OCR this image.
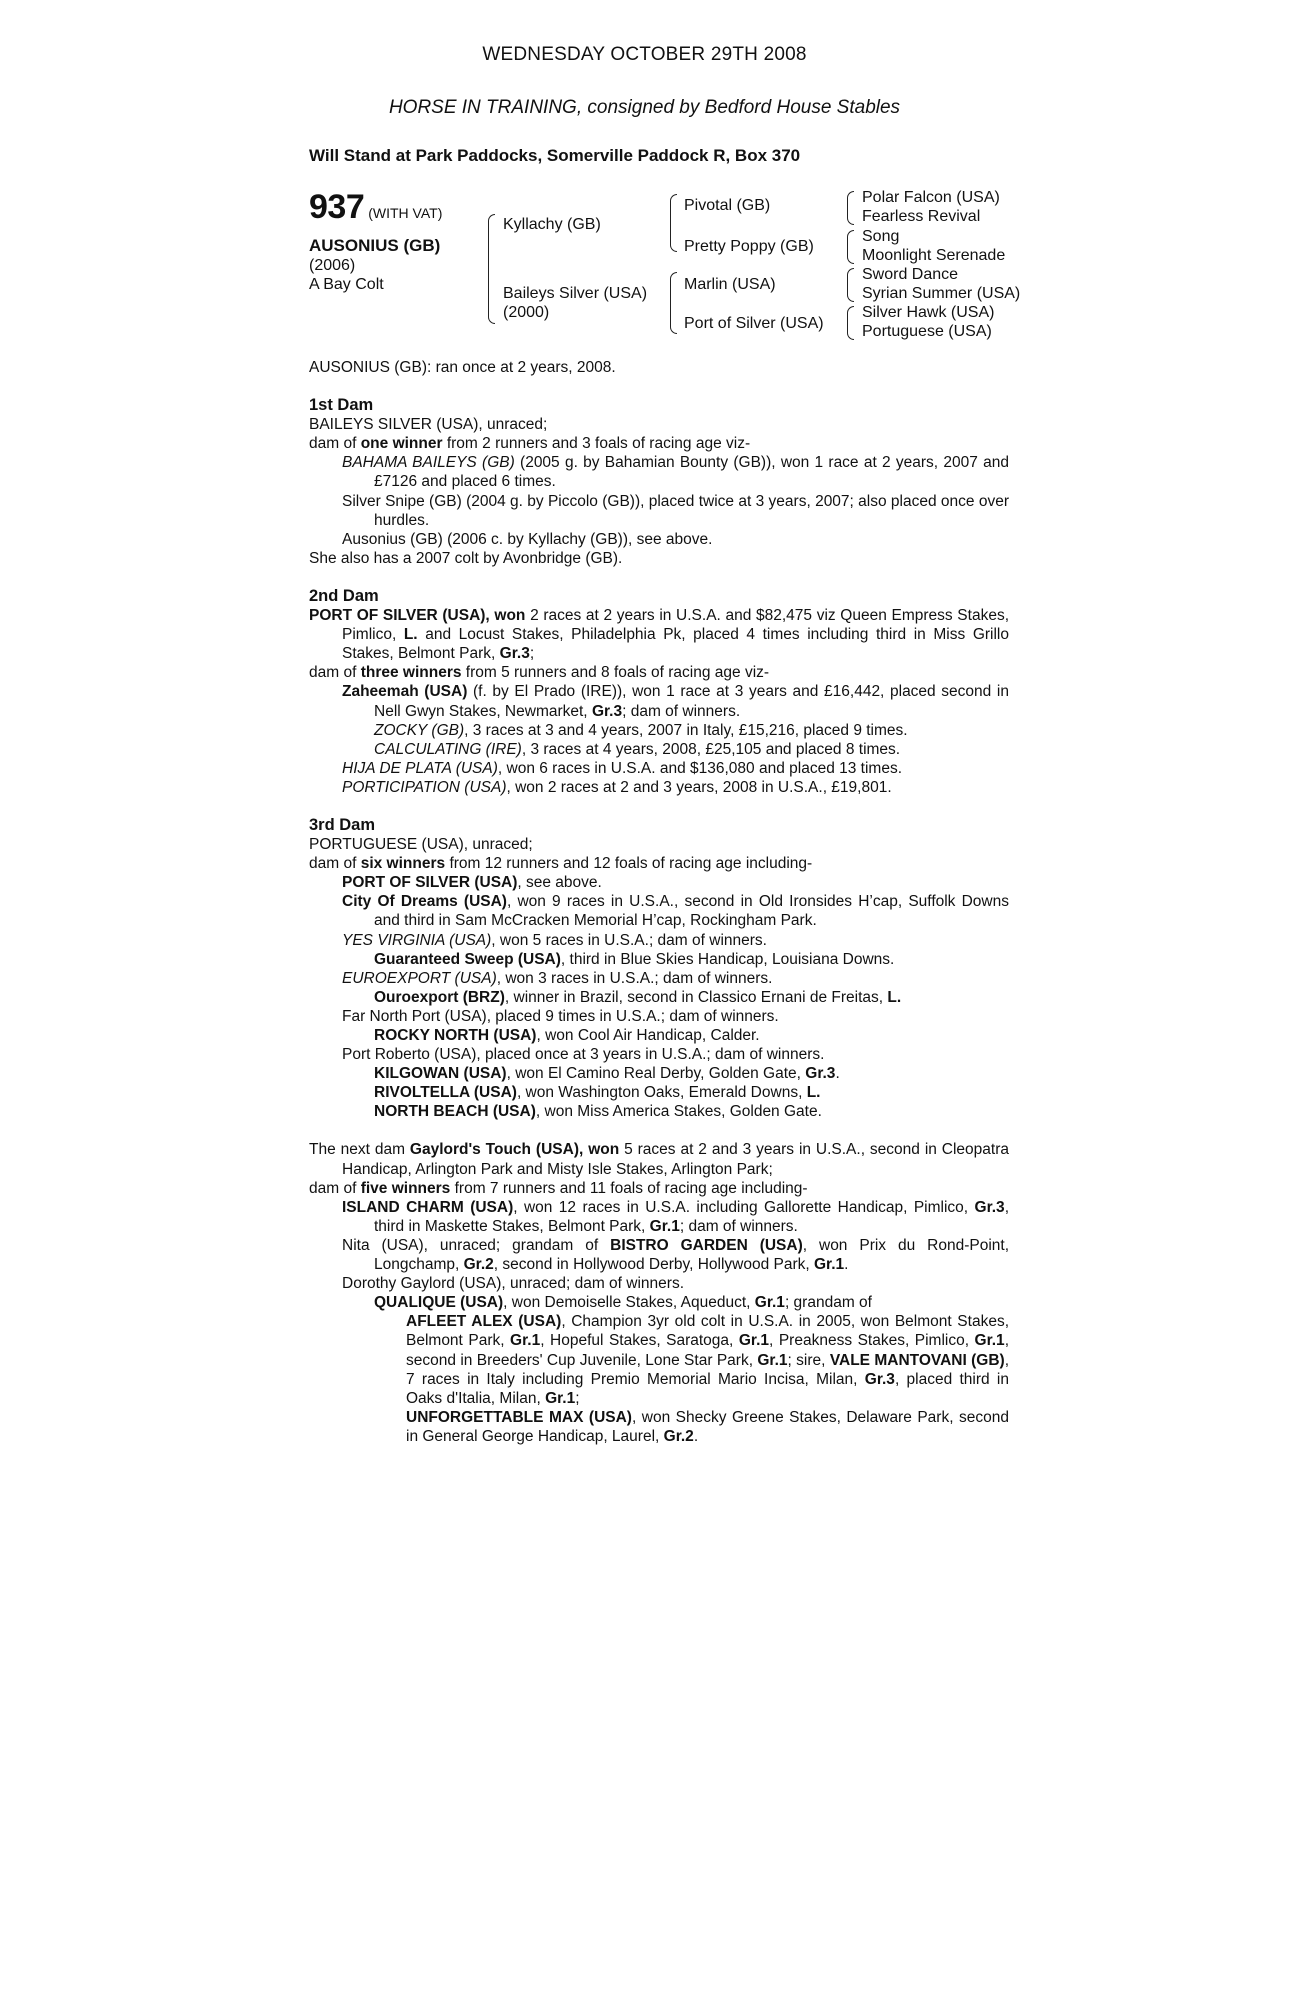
WEDNESDAY OCTOBER 29TH 2008
HORSE IN TRAINING, consigned by Bedford House Stables
Will Stand at Park Paddocks, Somerville Paddock R, Box 370
937 (WITH VAT)
AUSONIUS (GB)
(2006)
A Bay Colt
Kyllachy (GB)
Baileys Silver (USA)
(2000)
Pivotal (GB)
Pretty Poppy (GB)
Marlin (USA)
Port of Silver (USA)
Polar Falcon (USA)
Fearless Revival
Song
Moonlight Serenade
Sword Dance
Syrian Summer (USA)
Silver Hawk (USA)
Portuguese (USA)

AUSONIUS (GB): ran once at 2 years, 2008.

1st Dam

BAILEYS SILVER (USA), unraced;

dam of one winner from 2 runners and 3 foals of racing age viz-

BAHAMA BAILEYS (GB) (2005 g. by Bahamian Bounty (GB)), won 1 race at 2 years, 2007 and £7126 and placed 6 times.

Silver Snipe (GB) (2004 g. by Piccolo (GB)), placed twice at 3 years, 2007; also placed once over hurdles.

Ausonius (GB) (2006 c. by Kyllachy (GB)), see above.

She also has a 2007 colt by Avonbridge (GB).

2nd Dam

PORT OF SILVER (USA), won 2 races at 2 years in U.S.A. and $82,475 viz Queen Empress Stakes, Pimlico, L. and Locust Stakes, Philadelphia Pk, placed 4 times including third in Miss Grillo Stakes, Belmont Park, Gr.3;

dam of three winners from 5 runners and 8 foals of racing age viz-

Zaheemah (USA) (f. by El Prado (IRE)), won 1 race at 3 years and £16,442, placed second in Nell Gwyn Stakes, Newmarket, Gr.3; dam of winners.

ZOCKY (GB), 3 races at 3 and 4 years, 2007 in Italy, £15,216, placed 9 times.

CALCULATING (IRE), 3 races at 4 years, 2008, £25,105 and placed 8 times.

HIJA DE PLATA (USA), won 6 races in U.S.A. and $136,080 and placed 13 times.

PORTICIPATION (USA), won 2 races at 2 and 3 years, 2008 in U.S.A., £19,801.

3rd Dam

PORTUGUESE (USA), unraced;

dam of six winners from 12 runners and 12 foals of racing age including-

PORT OF SILVER (USA), see above.

City Of Dreams (USA), won 9 races in U.S.A., second in Old Ironsides H’cap, Suffolk Downs and third in Sam McCracken Memorial H’cap, Rockingham Park.

YES VIRGINIA (USA), won 5 races in U.S.A.; dam of winners.

Guaranteed Sweep (USA), third in Blue Skies Handicap, Louisiana Downs.

EUROEXPORT (USA), won 3 races in U.S.A.; dam of winners.

Ouroexport (BRZ), winner in Brazil, second in Classico Ernani de Freitas, L.

Far North Port (USA), placed 9 times in U.S.A.; dam of winners.

ROCKY NORTH (USA), won Cool Air Handicap, Calder.

Port Roberto (USA), placed once at 3 years in U.S.A.; dam of winners.

KILGOWAN (USA), won El Camino Real Derby, Golden Gate, Gr.3.

RIVOLTELLA (USA), won Washington Oaks, Emerald Downs, L.

NORTH BEACH (USA), won Miss America Stakes, Golden Gate.

The next dam Gaylord's Touch (USA), won 5 races at 2 and 3 years in U.S.A., second in Cleopatra Handicap, Arlington Park and Misty Isle Stakes, Arlington Park;

dam of five winners from 7 runners and 11 foals of racing age including-

ISLAND CHARM (USA), won 12 races in U.S.A. including Gallorette Handicap, Pimlico, Gr.3, third in Maskette Stakes, Belmont Park, Gr.1; dam of winners.

Nita (USA), unraced; grandam of BISTRO GARDEN (USA), won Prix du Rond-Point, Longchamp, Gr.2, second in Hollywood Derby, Hollywood Park, Gr.1.

Dorothy Gaylord (USA), unraced; dam of winners.

QUALIQUE (USA), won Demoiselle Stakes, Aqueduct, Gr.1; grandam of

AFLEET ALEX (USA), Champion 3yr old colt in U.S.A. in 2005, won Belmont Stakes, Belmont Park, Gr.1, Hopeful Stakes, Saratoga, Gr.1, Preakness Stakes, Pimlico, Gr.1, second in Breeders' Cup Juvenile, Lone Star Park, Gr.1; sire, VALE MANTOVANI (GB), 7 races in Italy including Premio Memorial Mario Incisa, Milan, Gr.3, placed third in Oaks d'Italia, Milan, Gr.1;

UNFORGETTABLE MAX (USA), won Shecky Greene Stakes, Delaware Park, second in General George Handicap, Laurel, Gr.2.
